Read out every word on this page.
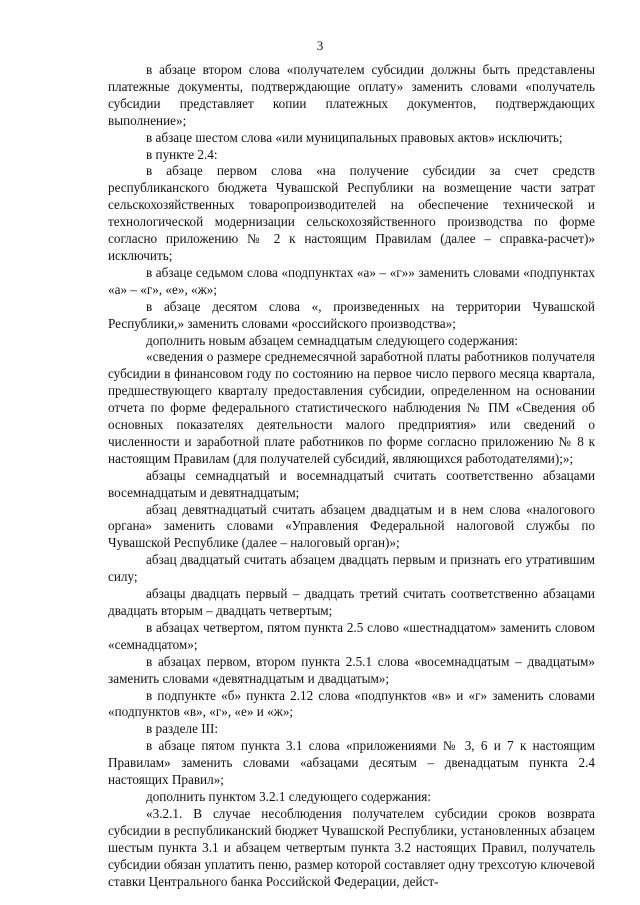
3

в абзаце втором слова «получателем субсидии должны быть представлены платежные документы, подтверждающие оплату» заменить словами «получатель субсидии представляет копии платежных документов, подтверждающих выполнение»;

в абзаце шестом слова «или муниципальных правовых актов» исключить;

в пункте 2.4:

в абзаце первом слова «на получение субсидии за счет средств республиканского бюджета Чувашской Республики на возмещение части затрат сельскохозяйственных товаропроизводителей на обеспечение технической и технологической модернизации сельскохозяйственного производства по форме согласно приложению № 2 к настоящим Правилам (далее – справка-расчет)» исключить;

в абзаце седьмом слова «подпунктах «а» – «г»» заменить словами «подпунктах «а» – «г», «е», «ж»;

в абзаце десятом слова «, произведенных на территории Чувашской Республики,» заменить словами «российского производства»;

дополнить новым абзацем семнадцатым следующего содержания:

«сведения о размере среднемесячной заработной платы работников получателя субсидии в финансовом году по состоянию на первое число первого месяца квартала, предшествующего кварталу предоставления субсидии, определенном на основании отчета по форме федерального статистического наблюдения № ПМ «Сведения об основных показателях деятельности малого предприятия» или сведений о численности и заработной плате работников по форме согласно приложению № 8 к настоящим Правилам (для получателей субсидий, являющихся работодателями);»;

абзацы семнадцатый и восемнадцатый считать соответственно абзацами восемнадцатым и девятнадцатым;

абзац девятнадцатый считать абзацем двадцатым и в нем слова «налогового органа» заменить словами «Управления Федеральной налоговой службы по Чувашской Республике (далее – налоговый орган)»;

абзац двадцатый считать абзацем двадцать первым и признать его утратившим силу;

абзацы двадцать первый – двадцать третий считать соответственно абзацами двадцать вторым – двадцать четвертым;

в абзацах четвертом, пятом пункта 2.5 слово «шестнадцатом» заменить словом «семнадцатом»;

в абзацах первом, втором пункта 2.5.1 слова «восемнадцатым – двадцатым» заменить словами «девятнадцатым и двадцатым»;

в подпункте «б» пункта 2.12 слова «подпунктов «в» и «г» заменить словами «подпунктов «в», «г», «е» и «ж»;

в разделе III:

в абзаце пятом пункта 3.1 слова «приложениями № 3, 6 и 7 к настоящим Правилам» заменить словами «абзацами десятым – двенадцатым пункта 2.4 настоящих Правил»;

дополнить пунктом 3.2.1 следующего содержания:

«3.2.1. В случае несоблюдения получателем субсидии сроков возврата субсидии в республиканский бюджет Чувашской Республики, установленных абзацем шестым пункта 3.1 и абзацем четвертым пункта 3.2 настоящих Правил, получатель субсидии обязан уплатить пеню, размер которой составляет одну трехсотую ключевой ставки Центрального банка Российской Федерации, дейст-
